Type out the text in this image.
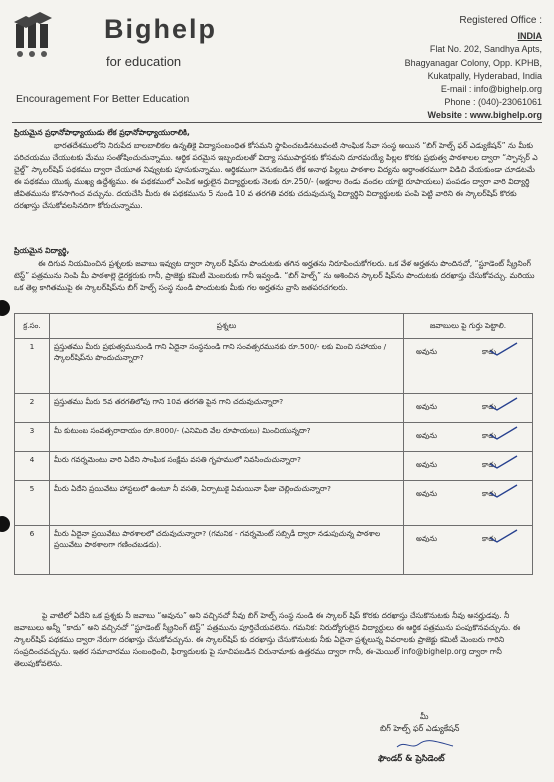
Bighelp
for education
Encouragement For Better Education
Registered Office :
INDIA
Flat No. 202, Sandhya Apts,
Bhagyanagar Colony, Opp. KPHB,
Kukatpally, Hyderabad, India
E-mail : info@bighelp.org
Phone : (040)-23061061
Website : www.bighelp.org
ప్రియమైన ప్రధానోపాధ్యాయుడు లేక ప్రధానోపాధ్యాయురాలికి,
భారతదేశములోని నిరుపేద బాలబాలికల ఉన్నతికై విద్యాసంబంధిత కోసమని స్థాపించబడినటువంటి సాంఘిక సేవా సంస్థ అయిన “బిగ్ హెల్ప్ ఫర్ ఎడ్యుకేషన్” ను మీకు పరిచయము చేయుటకు మేము సంతోషించుచున్నాము. ఆర్థిక పరమైన ఇబ్బందులతో విద్యా సముపార్జనకు కోసమని దూరమయ్యే పిల్లల కొరకు ప్రభుత్వ పాఠశాలల ద్వారా “స్పాన్సర్ ఎ చైల్డ్” స్కాలర్‌షిప్ పథకము ద్వారా చేయూత నివ్వుటకు పూనుకున్నాము. ఆర్థికముగా వెనుకబడిన లేక అనాథ పిల్లలు పాఠశాల విద్యను అర్ధాంతరముగా విడిచి వేయకుండా చూడటమే ఈ పథకము యొక్క ముఖ్య ఉద్దేశ్యము. ఈ పథకములో ఎంపిక అర్హులైన విద్యార్థులకు నెలకు రూ.250/- (అక్షరాల రెండు వందల యాభై రూపాయలు) పంపడం ద్వారా వారి విద్యార్థి జీవితమును కొనసాగించ వచ్చును. దయచేసి మీరు ఈ పథకమును 5 నుండి 10 వ తరగతి వరకు చదువుచున్న విద్యార్థిని విద్యార్థులకు పంపి పెట్టి వారిని ఈ స్కాలర్‌షిప్ కొరకు దరఖాస్తు చేసుకోవలసినదిగా కోరుచున్నాము.
ప్రియమైన విద్యార్థి,
ఈ దిగువ నియమించిన ప్రశ్నలకు జవాబు ఇవ్వుట ద్వారా స్కాలర్ షిప్‌ను పొందుటకు తగిన అర్హతను నిరూపించుకోగలరు. ఒక వేళ అర్హతను పొందినచో, “స్టూడెంట్ స్క్రీనింగ్ టెస్ట్” పత్రమును నింపి మీ పాఠశాల్లె డైరక్టరుకు గానీ, ప్రాజెక్టు కమిటీ మెంబరుకు గానీ ఇవ్వండి. “బిగ్ హెల్ప్” ను ఆశించిన స్కాలర్ షిప్‌ను పొందుటకు దరఖాస్తు చేసుకోవచ్చు. మరియు ఒక తెల్ల కాగితముపై ఈ స్కాలర్‌షిప్‌ను బిగ్ హెల్ప్ సంస్థ నుండి పొందుటకు మీకు గల అర్హతను వ్రాసి జతపరచగలరు.
క్ర.సం.	ప్రశ్నలు	జవాబులు పై గుర్తు పెట్టాలి.
1	ప్రస్తుతము మీరు ప్రభుత్వమునుండి గాని ఏదైనా సంస్థనుండి గాని సంవత్సరమునకు రూ.500/- లకు మించి సహాయం / స్కాలర్‌షిప్‌ను పొందుచున్నారా?	అవును కాదు

2	ప్రస్తుతము మీరు 5వ తరగతిలోపు గాని 10వ తరగతి పైన గాని చదువుచున్నారా?	అవును కాదు

3	మీ కుటుంబ సంవత్సరాదాయం రూ.8000/- (ఎనిమిది వేల రూపాయలు) మించియున్నదా?	అవును కాదు

4	మీరు గవర్నమెంటు వారి ఏదేని సాంఘిక సంక్షేమ వసతి గృహములో నివసించుచున్నారా?	అవును కాదు

5	మీరు ఏదేని ప్రయివేటు హాస్టలులో ఉంటూ నీ వసతి, ఏర్పాటుకై ఏమయినా ఫీజు చెల్లించుచున్నారా?	అవును కాదు

6	మీరు ఏదైనా ప్రయివేటు పాఠశాలలో చదువుచున్నారా? (గమనిక - గవర్నమెంట్ సబ్సిడీ ద్వారా నడుపుచున్న పాఠశాల ప్రయివేటు పాఠశాలగా గణించబడదు).	అవును కాదు
పై వాటిలో ఏదేని ఒక ప్రశ్నకు నీ జవాబు “అవును” అని వచ్చినచో నీవు బిగ్ హెల్ప్ సంస్థ నుండి ఈ స్కాలర్ షిప్ కొరకు దరఖాస్తు చేసుకొనుటకు నీవు అనర్హుడవు. నీ జవాబులు అన్నీ “కాదు” అని వచ్చినచో “స్టూడెంట్ స్క్రీనింగ్ టెస్ట్” పత్రమును పూర్తిచేయవలెను. గమనిక: నిరుద్యోగులైన విద్యార్థులు ఈ ఆర్థిక పత్రమును పంపుకొనవచ్చును. ఈ స్కాలర్‌షిప్ పథకము ద్వారా నేరుగా దరఖాస్తు చేసుకోవచ్చును. ఈ స్కాలర్‌షిప్ కు దరఖాస్తు చేసుకొనుటకు నీకు ఏదైనా ప్రశ్నలున్న వివరాలకు ప్రాజెక్టు కమిటీ మెంబరు గారిని సంప్రదించవచ్చును. ఇతర సమాచారము సంబంధించి, ఫిర్యాదులకు పై సూచిపబడిన చిరునామాకు ఉత్తరము ద్వారా గానీ, ఈ-మెయిల్ info@bighelp.org ద్వారా గానీ తెలుపుకోవలెను.
మీ
బిగ్ హెల్ప్ ఫర్ ఎడ్యుకేషన్
ఫౌండర్ & ప్రెసిడెంట్
